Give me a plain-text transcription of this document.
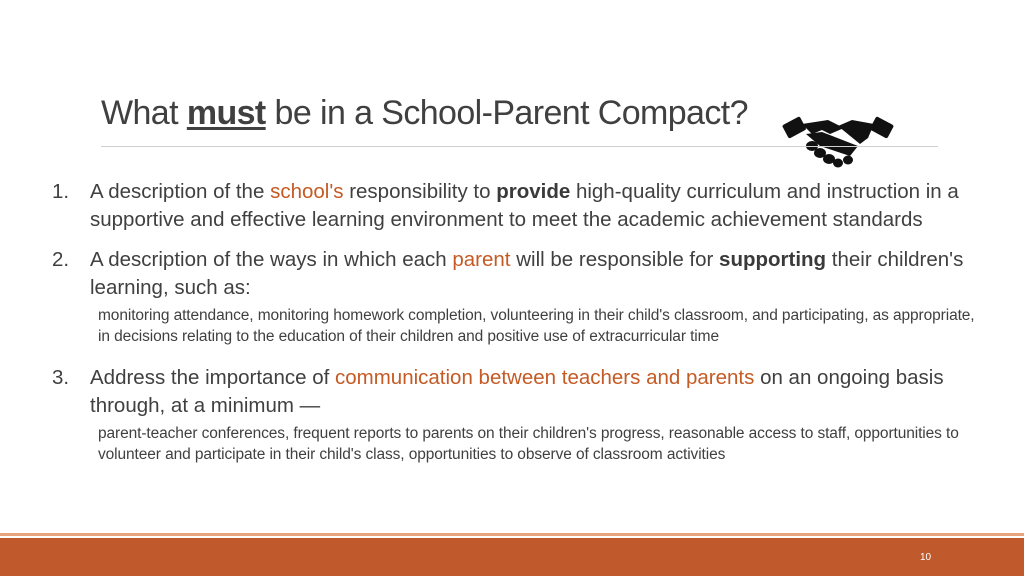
What must be in a School-Parent Compact?
1. A description of the school's responsibility to provide high-quality curriculum and instruction in a supportive and effective learning environment to meet the academic achievement standards
2. A description of the ways in which each parent will be responsible for supporting their children's learning, such as:
monitoring attendance, monitoring homework completion, volunteering in their child's classroom, and participating, as appropriate, in decisions relating to the education of their children and positive use of extracurricular time
3. Address the importance of communication between teachers and parents on an ongoing basis through, at a minimum —
parent-teacher conferences, frequent reports to parents on their children's progress, reasonable access to staff, opportunities to volunteer and participate in their child's class, opportunities to observe of classroom activities
10
